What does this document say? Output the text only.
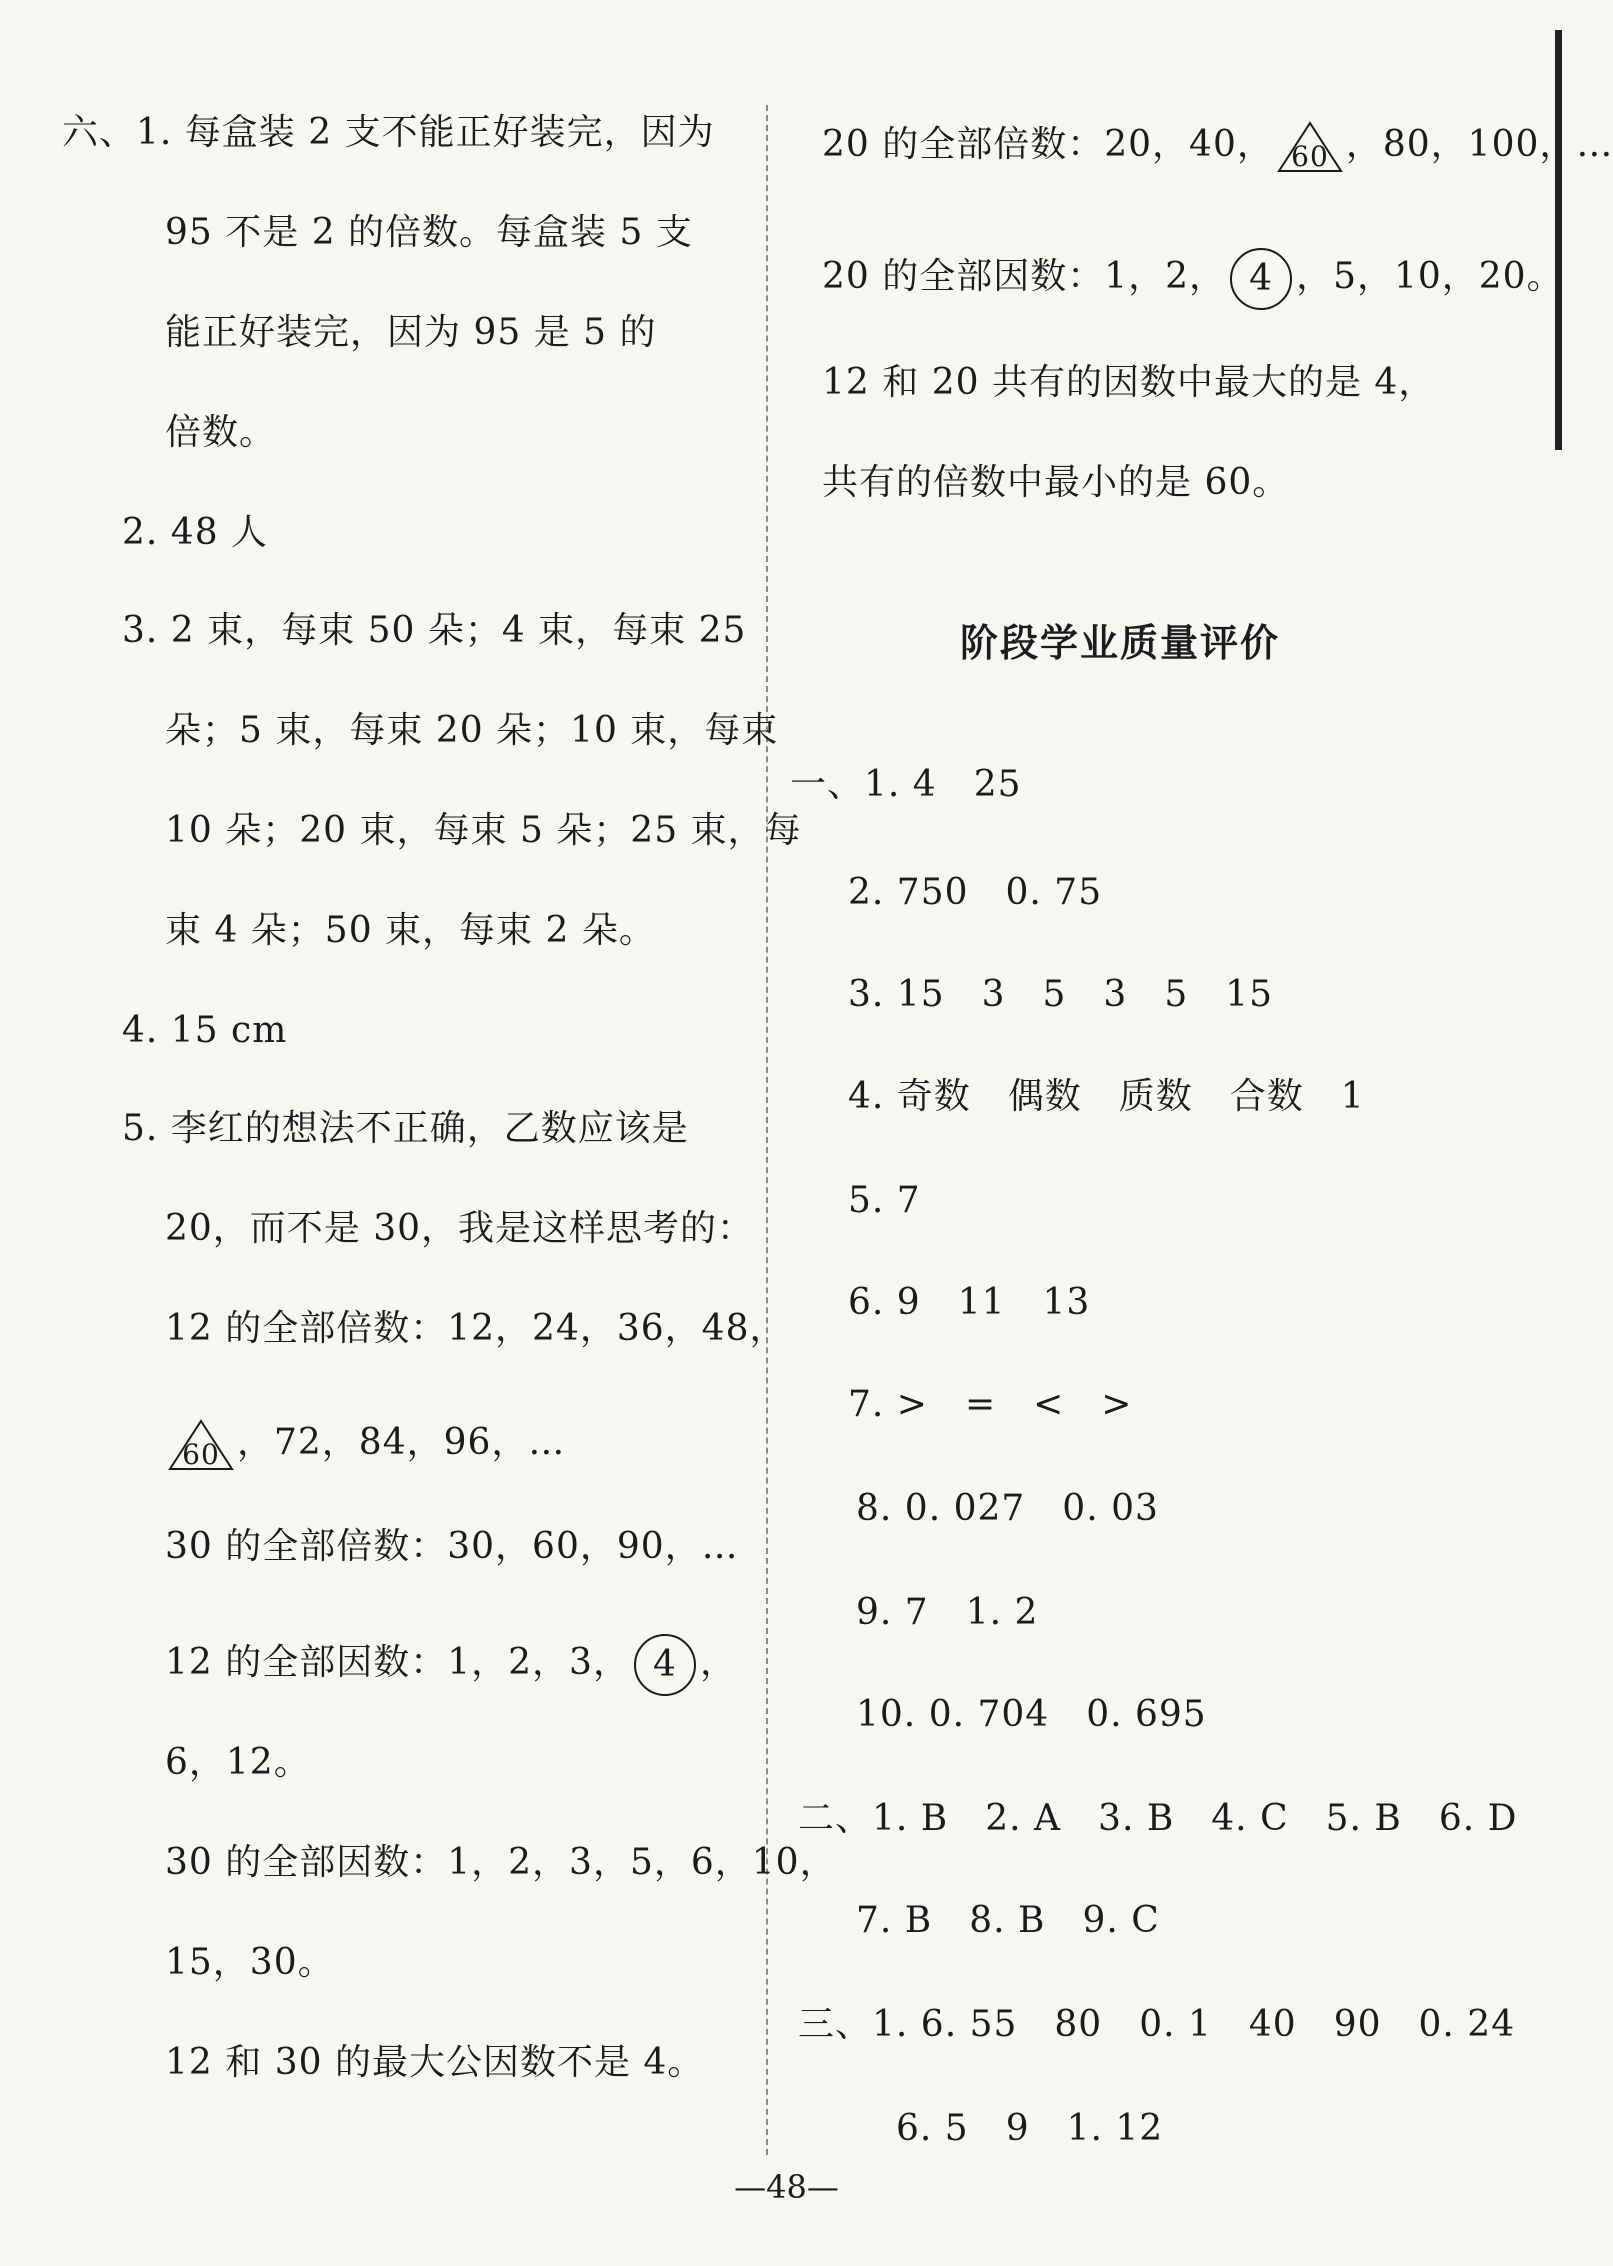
六、1. 每盒装 2 支不能正好装完，因为
95 不是 2 的倍数。每盒装 5 支
能正好装完，因为 95 是 5 的
倍数。
2. 48 人
3. 2 束，每束 50 朵；4 束，每束 25
朵；5 束，每束 20 朵；10 束，每束
10 朵；20 束，每束 5 朵；25 束，每
束 4 朵；50 束，每束 2 朵。
4. 15 cm
5. 李红的想法不正确，乙数应该是
20，而不是 30，我是这样思考的：
12 的全部倍数：12，24，36，48，
60 ，72，84，96，…
30 的全部倍数：30，60，90，…
12 的全部因数：1，2，3， 4 ，
6，12。
30 的全部因数：1，2，3，5，6，10，
15，30。
12 和 30 的最大公因数不是 4。
20 的全部倍数：20，40， 60 ，80，100，…
20 的全部因数：1，2， 4 ，5，10，20。
12 和 20 共有的因数中最大的是 4，
共有的倍数中最小的是 60。
阶段学业质量评价
一、1. 4　25
2. 750　0. 75
3. 15　3　5　3　5　15
4. 奇数　偶数　质数　合数　1
5. 7
6. 9　11　13
7. >　=　<　>
8. 0. 027　0. 03
9. 7　1. 2
10. 0. 704　0. 695
二、1. B　2. A　3. B　4. C　5. B　6. D
7. B　8. B　9. C
三、1. 6. 55　80　0. 1　40　90　0. 24
6. 5　9　1. 12
—48—
